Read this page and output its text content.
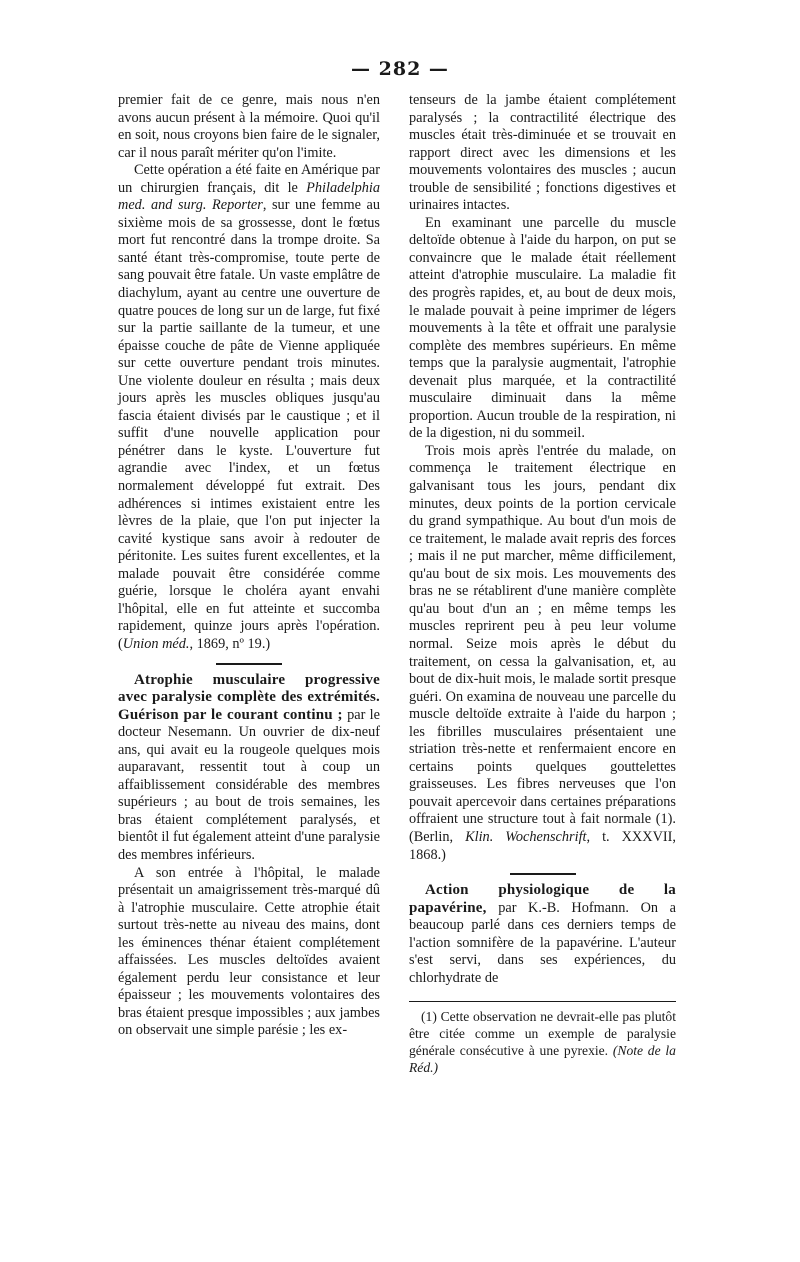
— 282 —

premier fait de ce genre, mais nous n'en avons aucun présent à la mémoire. Quoi qu'il en soit, nous croyons bien faire de le signaler, car il nous paraît mériter qu'on l'imite.

Cette opération a été faite en Amérique par un chirurgien français, dit le Philadelphia med. and surg. Reporter, sur une femme au sixième mois de sa grossesse, dont le fœtus mort fut rencontré dans la trompe droite. Sa santé étant très-compromise, toute perte de sang pouvait être fatale. Un vaste emplâtre de diachylum, ayant au centre une ouverture de quatre pouces de long sur un de large, fut fixé sur la partie saillante de la tumeur, et une épaisse couche de pâte de Vienne appliquée sur cette ouverture pendant trois minutes. Une violente douleur en résulta ; mais deux jours après les muscles obliques jusqu'au fascia étaient divisés par le caustique ; et il suffit d'une nouvelle application pour pénétrer dans le kyste. L'ouverture fut agrandie avec l'index, et un fœtus normalement développé fut extrait. Des adhérences si intimes existaient entre les lèvres de la plaie, que l'on put injecter la cavité kystique sans avoir à redouter de péritonite. Les suites furent excellentes, et la malade pouvait être considérée comme guérie, lorsque le choléra ayant envahi l'hôpital, elle en fut atteinte et succomba rapidement, quinze jours après l'opération. (Union méd., 1869, nº 19.)

Atrophie musculaire progressive avec paralysie complète des extrémités. Guérison par le courant continu ; par le docteur Nesemann. Un ouvrier de dix-neuf ans, qui avait eu la rougeole quelques mois auparavant, ressentit tout à coup un affaiblissement considérable des membres supérieurs ; au bout de trois semaines, les bras étaient complétement paralysés, et bientôt il fut également atteint d'une paralysie des membres inférieurs.

A son entrée à l'hôpital, le malade présentait un amaigrissement très-marqué dû à l'atrophie musculaire. Cette atrophie était surtout très-nette au niveau des mains, dont les éminences thénar étaient complétement affaissées. Les muscles deltoïdes avaient également perdu leur consistance et leur épaisseur ; les mouvements volontaires des bras étaient presque impossibles ; aux jambes on observait une simple parésie ; les ex-

tenseurs de la jambe étaient complétement paralysés ; la contractilité électrique des muscles était très-diminuée et se trouvait en rapport direct avec les dimensions et les mouvements volontaires des muscles ; aucun trouble de sensibilité ; fonctions digestives et urinaires intactes.

En examinant une parcelle du muscle deltoïde obtenue à l'aide du harpon, on put se convaincre que le malade était réellement atteint d'atrophie musculaire. La maladie fit des progrès rapides, et, au bout de deux mois, le malade pouvait à peine imprimer de légers mouvements à la tête et offrait une paralysie complète des membres supérieurs. En même temps que la paralysie augmentait, l'atrophie devenait plus marquée, et la contractilité musculaire diminuait dans la même proportion. Aucun trouble de la respiration, ni de la digestion, ni du sommeil.

Trois mois après l'entrée du malade, on commença le traitement électrique en galvanisant tous les jours, pendant dix minutes, deux points de la portion cervicale du grand sympathique. Au bout d'un mois de ce traitement, le malade avait repris des forces ; mais il ne put marcher, même difficilement, qu'au bout de six mois. Les mouvements des bras ne se rétablirent d'une manière complète qu'au bout d'un an ; en même temps les muscles reprirent peu à peu leur volume normal. Seize mois après le début du traitement, on cessa la galvanisation, et, au bout de dix-huit mois, le malade sortit presque guéri. On examina de nouveau une parcelle du muscle deltoïde extraite à l'aide du harpon ; les fibrilles musculaires présentaient une striation très-nette et renfermaient encore en certains points quelques gouttelettes graisseuses. Les fibres nerveuses que l'on pouvait apercevoir dans certaines préparations offraient une structure tout à fait normale (1). (Berlin, Klin. Wochenschrift, t. XXXVII, 1868.)

Action physiologique de la papavérine, par K.-B. Hofmann. On a beaucoup parlé dans ces derniers temps de l'action somnifère de la papavérine. L'auteur s'est servi, dans ses expériences, du chlorhydrate de

(1) Cette observation ne devrait-elle pas plutôt être citée comme un exemple de paralysie générale consécutive à une pyrexie. (Note de la Réd.)
